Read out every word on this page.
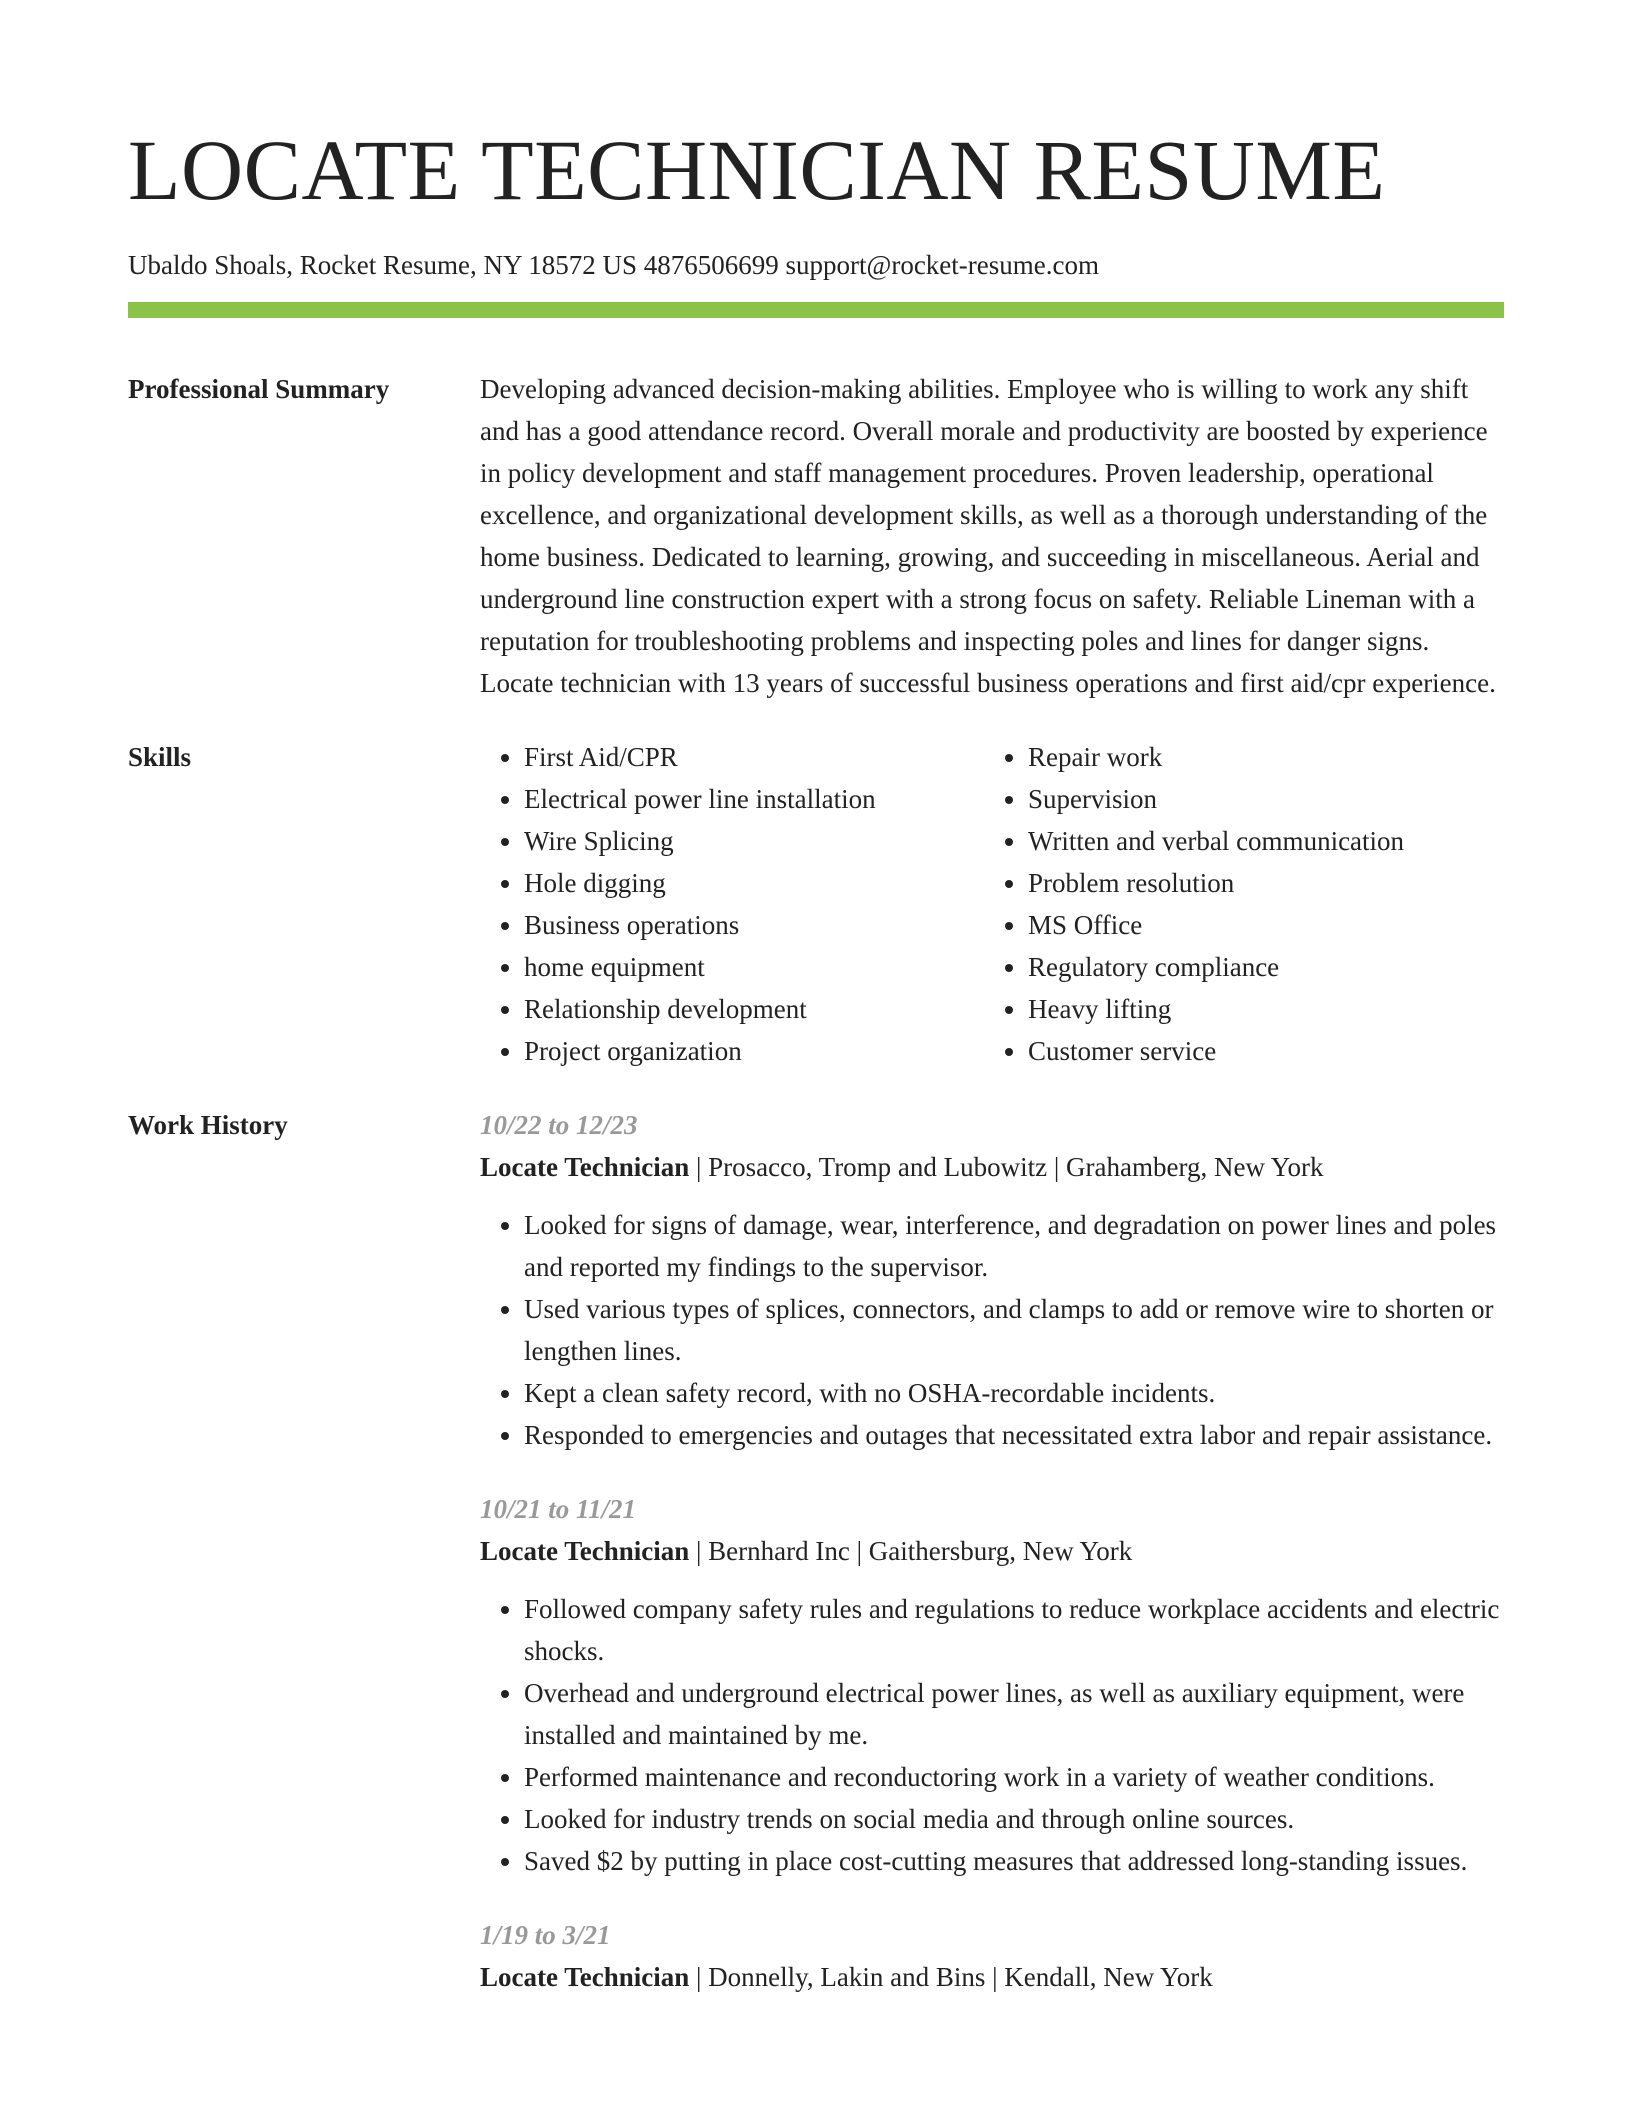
LOCATE TECHNICIAN RESUME
Ubaldo Shoals, Rocket Resume, NY 18572 US 4876506699 support@rocket-resume.com
Professional Summary	Developing advanced decision-making abilities. Employee who is willing to work any shift and has a good attendance record. Overall morale and productivity are boosted by experience in policy development and staff management procedures. Proven leadership, operational excellence, and organizational development skills, as well as a thorough understanding of the home business. Dedicated to learning, growing, and succeeding in miscellaneous. Aerial and underground line construction expert with a strong focus on safety. Reliable Lineman with a reputation for troubleshooting problems and inspecting poles and lines for danger signs. Locate technician with 13 years of successful business operations and first aid/cpr experience.
Skills
•	First Aid/CPR
• Electrical power line installation
• Wire Splicing
• Hole digging
• Business operations
• home equipment
• Relationship development
• Project organization
• Repair work
• Supervision
• Written and verbal communication
• Problem resolution
• MS Office
• Regulatory compliance
• Heavy lifting
• Customer service
Work History	10/22 to 12/23
Locate Technician | Prosacco, Tromp and Lubowitz | Grahamberg, New York
• Looked for signs of damage, wear, interference, and degradation on power lines and poles and reported my findings to the supervisor.
• Used various types of splices, connectors, and clamps to add or remove wire to shorten or lengthen lines.
• Kept a clean safety record, with no OSHA-recordable incidents.
• Responded to emergencies and outages that necessitated extra labor and repair assistance.
10/21 to 11/21
Locate Technician | Bernhard Inc | Gaithersburg, New York
• Followed company safety rules and regulations to reduce workplace accidents and electric shocks.
• Overhead and underground electrical power lines, as well as auxiliary equipment, were installed and maintained by me.
• Performed maintenance and reconductoring work in a variety of weather conditions.
• Looked for industry trends on social media and through online sources.
• Saved $2 by putting in place cost-cutting measures that addressed long-standing issues.
1/19 to 3/21
Locate Technician | Donnelly, Lakin and Bins | Kendall, New York
